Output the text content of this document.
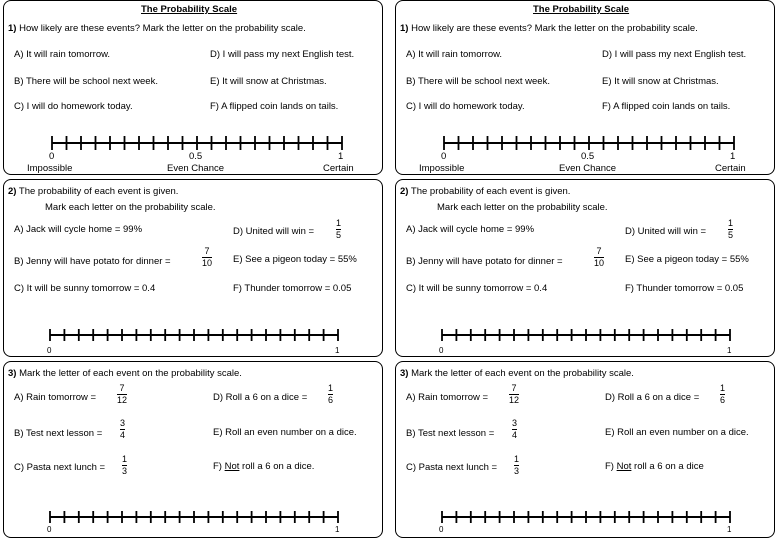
The Probability Scale
1) How likely are these events? Mark the letter on the probability scale.
A) It will rain tomorrow.
B) There will be school next week.
C) I will do homework today.
D) I will pass my next English test.
E) It will snow at Christmas.
F) A flipped coin lands on tails.
0	0.5	1
Impossible	Even Chance	Certain
2) The probability of each event is given.
Mark each letter on the probability scale.
A) Jack will cycle home = 99%
B) Jenny will have potato for dinner =
7
10
C) It will be sunny tomorrow = 0.4
D) United will win =
1
5
E) See a pigeon today = 55%
F) Thunder tomorrow = 0.05
0	1
3) Mark the letter of each event on the probability scale.
A) Rain tomorrow =
7
12
B) Test next lesson =
3
4
C) Pasta next lunch =
1
3
D) Roll a 6 on a dice =
1
6
E) Roll an even number on a dice.
F) Not roll a 6 on a dice.
0	1
The Probability Scale
1) How likely are these events? Mark the letter on the probability scale.
A) It will rain tomorrow.
B) There will be school next week.
C) I will do homework today.
D) I will pass my next English test.
E) It will snow at Christmas.
F) A flipped coin lands on tails.
0	0.5	1
Impossible	Even Chance	Certain
2) The probability of each event is given.
Mark each letter on the probability scale.
A) Jack will cycle home = 99%
B) Jenny will have potato for dinner =
7
10
C) It will be sunny tomorrow = 0.4
D) United will win =
1
5
E) See a pigeon today = 55%
F) Thunder tomorrow = 0.05
0	1
3) Mark the letter of each event on the probability scale.
A) Rain tomorrow =
7
12
B) Test next lesson =
3
4
C) Pasta next lunch =
1
3
D) Roll a 6 on a dice =
1
6
E) Roll an even number on a dice.
F) Not roll a 6 on a dice
0	1
